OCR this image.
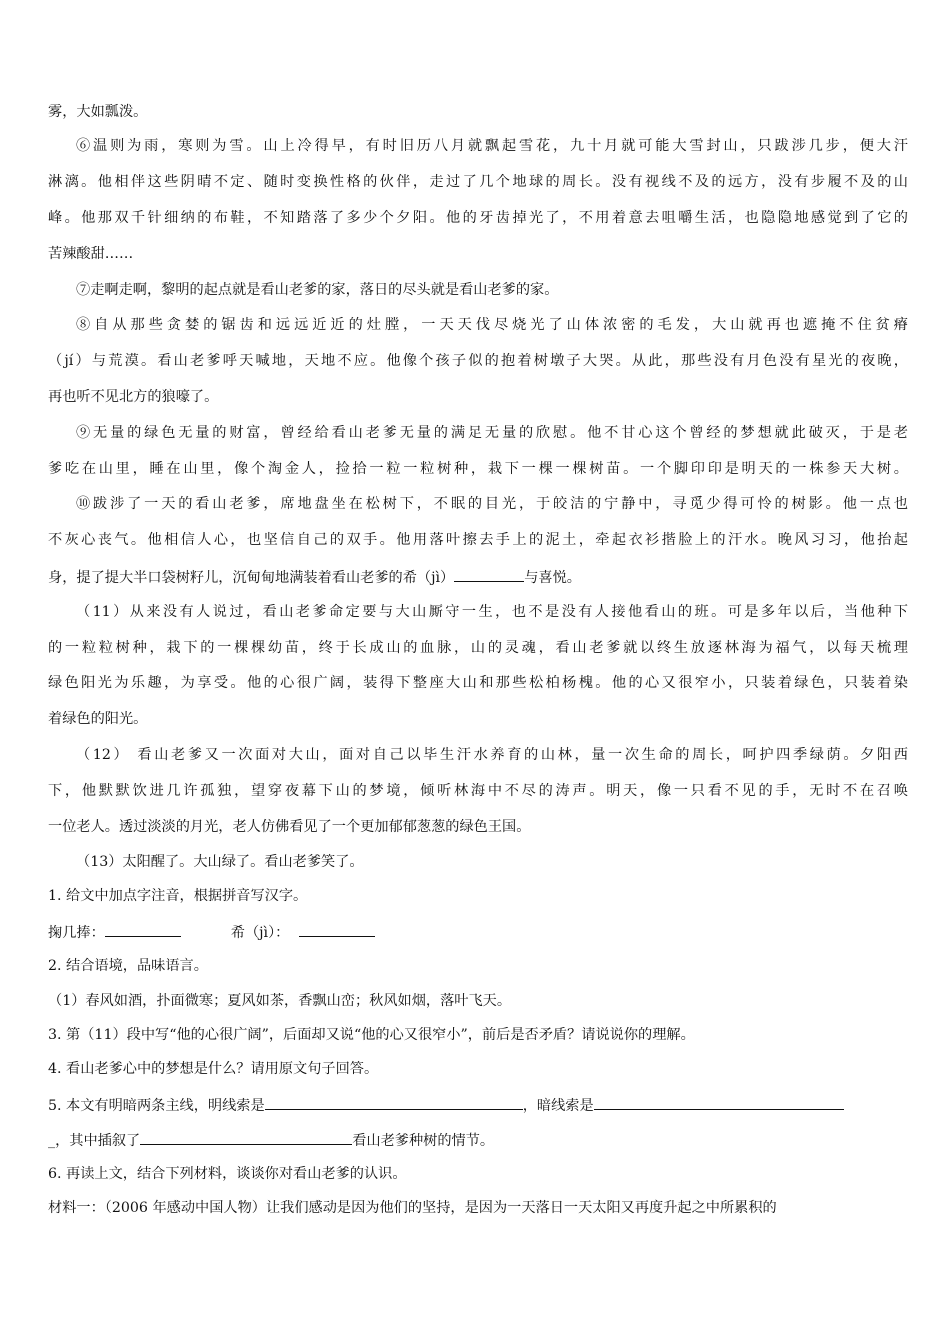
雾，大如瓢泼。
⑥温则为雨，寒则为雪。山上冷得早，有时旧历八月就飘起雪花，九十月就可能大雪封山，只跋涉几步，便大汗
淋漓。他相伴这些阴晴不定、随时变换性格的伙伴，走过了几个地球的周长。没有视线不及的远方，没有步履不及的山
峰。他那双千针细纳的布鞋，不知踏落了多少个夕阳。他的牙齿掉光了，不用着意去咀嚼生活，也隐隐地感觉到了它的
苦辣酸甜……
⑦走啊走啊，黎明的起点就是看山老爹的家，落日的尽头就是看山老爹的家。
⑧自从那些贪婪的锯齿和远远近近的灶膛，一天天伐尽烧光了山体浓密的毛发，大山就再也遮掩不住贫瘠
（jí）与荒漠。看山老爹呼天喊地，天地不应。他像个孩子似的抱着树墩子大哭。从此，那些没有月色没有星光的夜晚，
再也听不见北方的狼嚎了。
⑨无量的绿色无量的财富，曾经给看山老爹无量的满足无量的欣慰。他不甘心这个曾经的梦想就此破灭，于是老
爹吃在山里，睡在山里，像个淘金人，捡拾一粒一粒树种，栽下一棵一棵树苗。一个脚印印是明天的一株参天大树。
⑩跋涉了一天的看山老爹，席地盘坐在松树下，不眠的目光，于皎洁的宁静中，寻觅少得可怜的树影。他一点也
不灰心丧气。他相信人心，也坚信自己的双手。他用落叶擦去手上的泥土，牵起衣衫揩脸上的汗水。晚风习习，他抬起
身，提了提大半口袋树籽儿，沉甸甸地满装着看山老爹的希（jì）	与喜悦。
（11）从来没有人说过，看山老爹命定要与大山厮守一生，也不是没有人接他看山的班。可是多年以后，当他种下
的一粒粒树种，栽下的一棵棵幼苗，终于长成山的血脉，山的灵魂，看山老爹就以终生放逐林海为福气，以每天梳理
绿色阳光为乐趣，为享受。他的心很广阔，装得下整座大山和那些松柏杨槐。他的心又很窄小，只装着绿色，只装着染
着绿色的阳光。
（12） 看山老爹又一次面对大山，面对自己以毕生汗水养育的山林，量一次生命的周长，呵护四季绿荫。夕阳西
下，他默默饮进几许孤独，望穿夜幕下山的梦境，倾听林海中不尽的涛声。明天，像一只看不见的手，无时不在召唤
一位老人。透过淡淡的月光，老人仿佛看见了一个更加郁郁葱葱的绿色王国。
（13）太阳醒了。大山绿了。看山老爹笑了。
1. 给文中加点字注音，根据拼音写汉字。
掬几捧：	希（jì）：
2. 结合语境，品味语言。
（1）春风如酒，扑面微寒；夏风如茶，香飘山峦；秋风如烟，落叶飞天。
3. 第（11）段中写“他的心很广阔”，后面却又说“他的心又很窄小”，前后是否矛盾？请说说你的理解。
4. 看山老爹心中的梦想是什么？请用原文句子回答。
5. 本文有明暗两条主线，明线索是	，暗线索是
_，其中插叙了	看山老爹种树的情节。
6. 再读上文，结合下列材料，谈谈你对看山老爹的认识。
材料一：（2006 年感动中国人物）让我们感动是因为他们的坚持，是因为一天落日一天太阳又再度升起之中所累积的
